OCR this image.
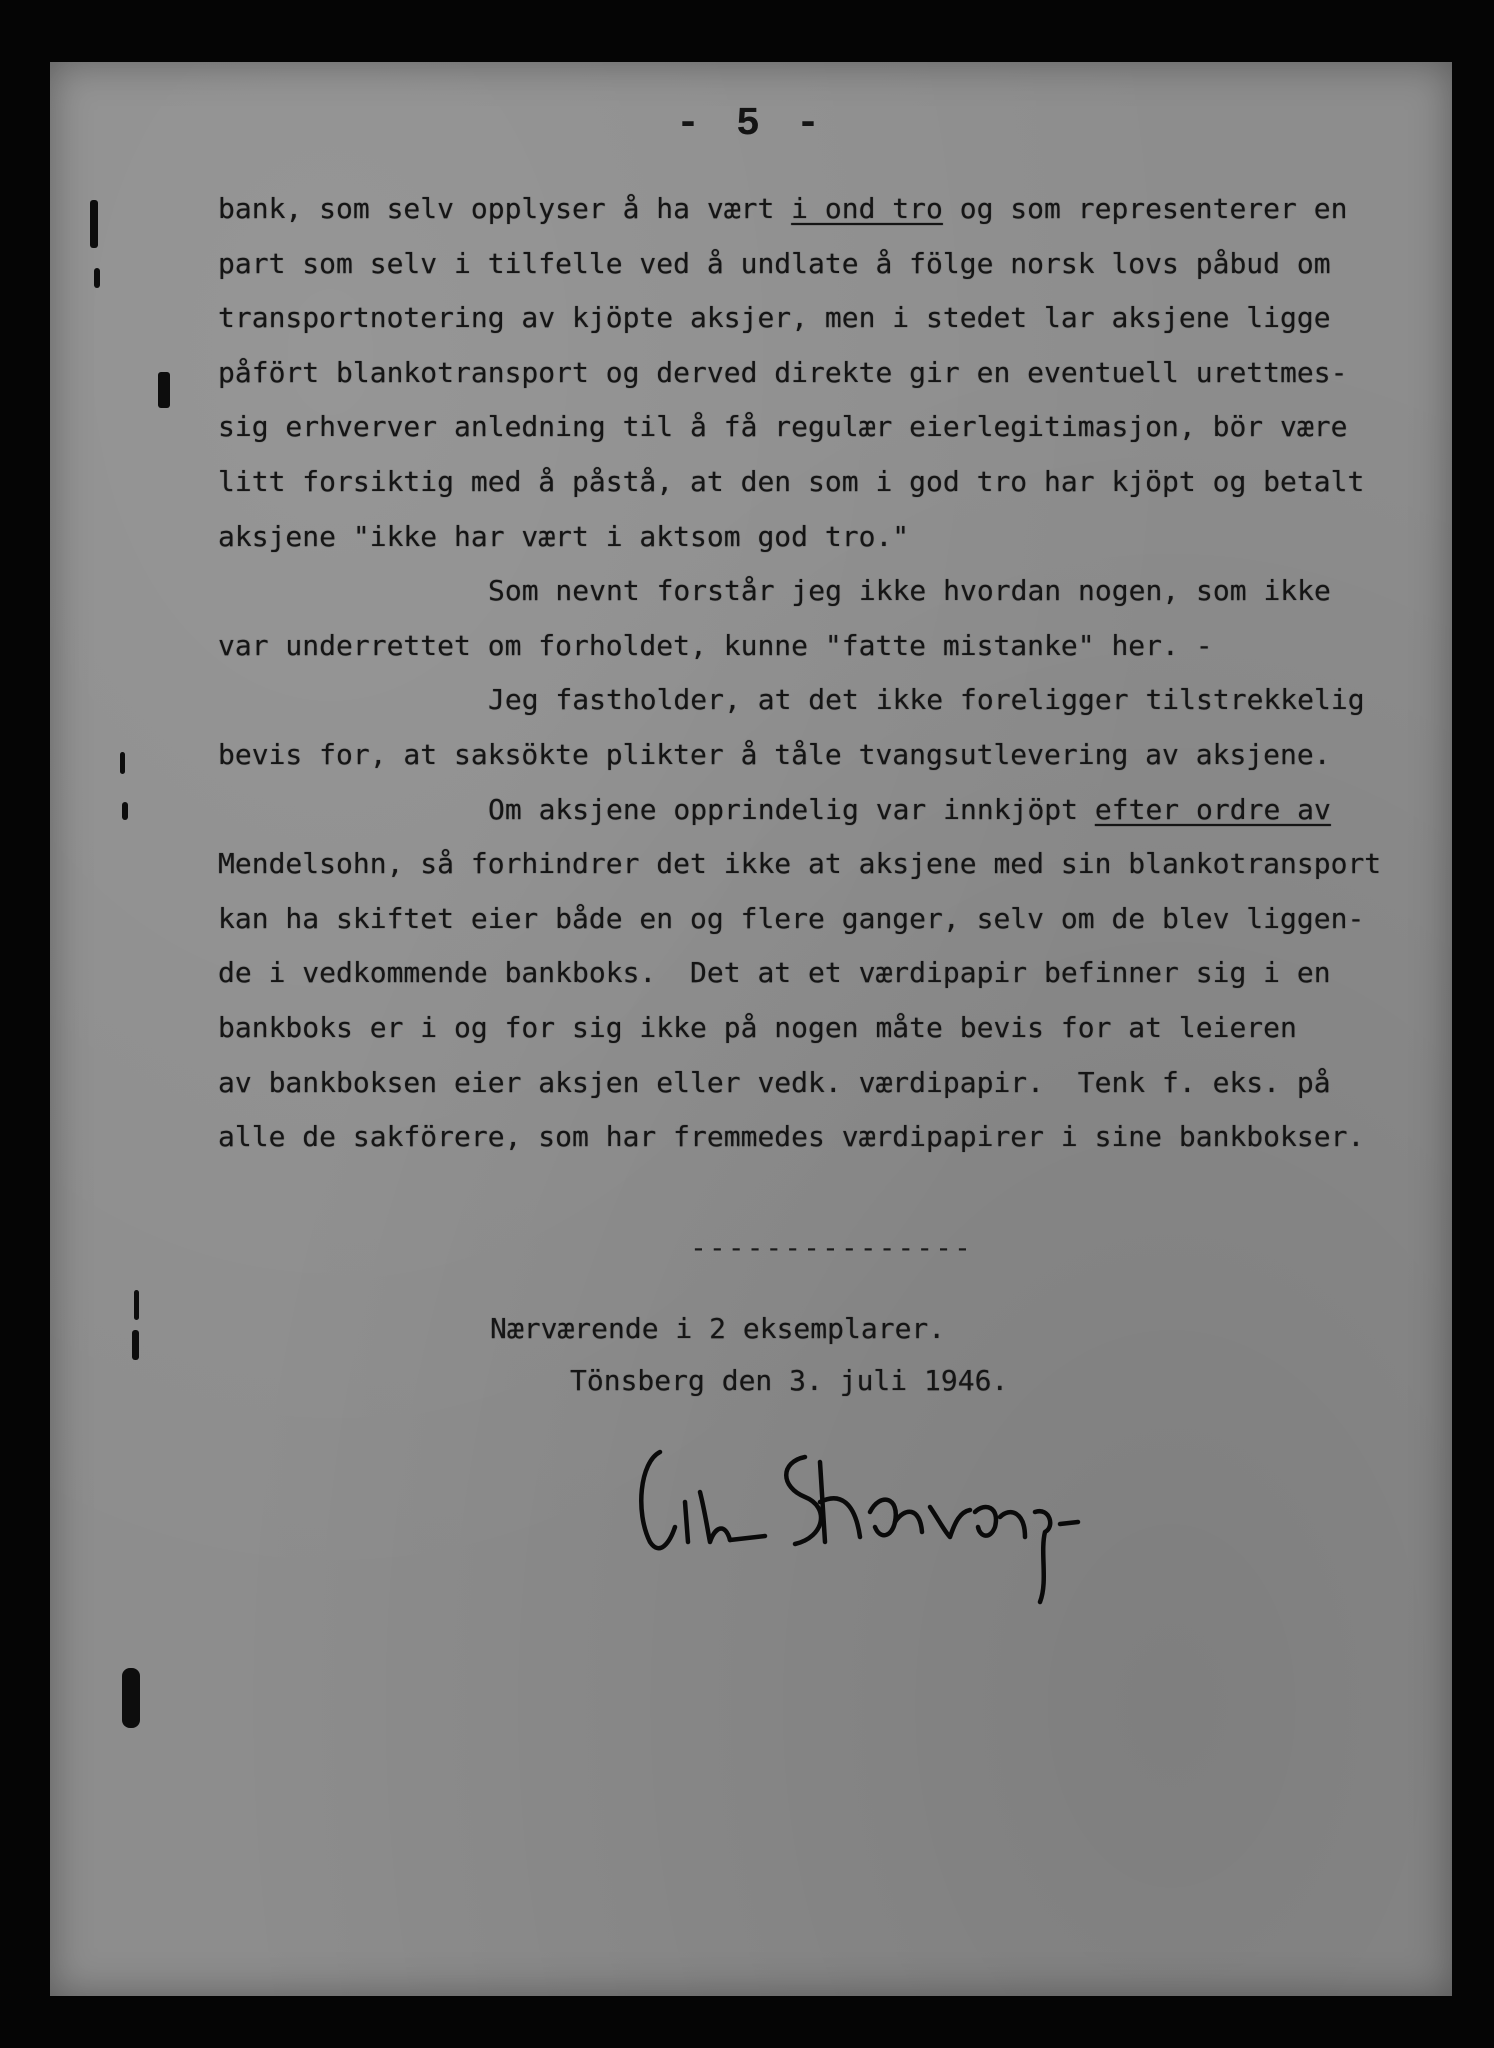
- 5 -
bank, som selv opplyser å ha vært i ond tro og som representerer en
part som selv i tilfelle ved å undlate å fölge norsk lovs påbud om
transportnotering av kjöpte aksjer, men i stedet lar aksjene ligge
påfört blankotransport og derved direkte gir en eventuell urettmes-
sig erhverver anledning til å få regulær eierlegitimasjon, bör være
litt forsiktig med å påstå, at den som i god tro har kjöpt og betalt
aksjene "ikke har vært i aktsom god tro."
Som nevnt forstår jeg ikke hvordan nogen, som ikke
var underrettet om forholdet, kunne "fatte mistanke" her. -
Jeg fastholder, at det ikke foreligger tilstrekkelig
bevis for, at saksökte plikter å tåle tvangsutlevering av aksjene.
Om aksjene opprindelig var innkjöpt efter ordre av
Mendelsohn, så forhindrer det ikke at aksjene med sin blankotransport
kan ha skiftet eier både en og flere ganger, selv om de blev liggen-
de i vedkommende bankboks.  Det at et værdipapir befinner sig i en
bankboks er i og for sig ikke på nogen måte bevis for at leieren
av bankboksen eier aksjen eller vedk. værdipapir.  Tenk f. eks. på
alle de sakförere, som har fremmedes værdipapirer i sine bankbokser.
---------------
Nærværende i 2 eksemplarer.
Tönsberg den 3. juli 1946.
